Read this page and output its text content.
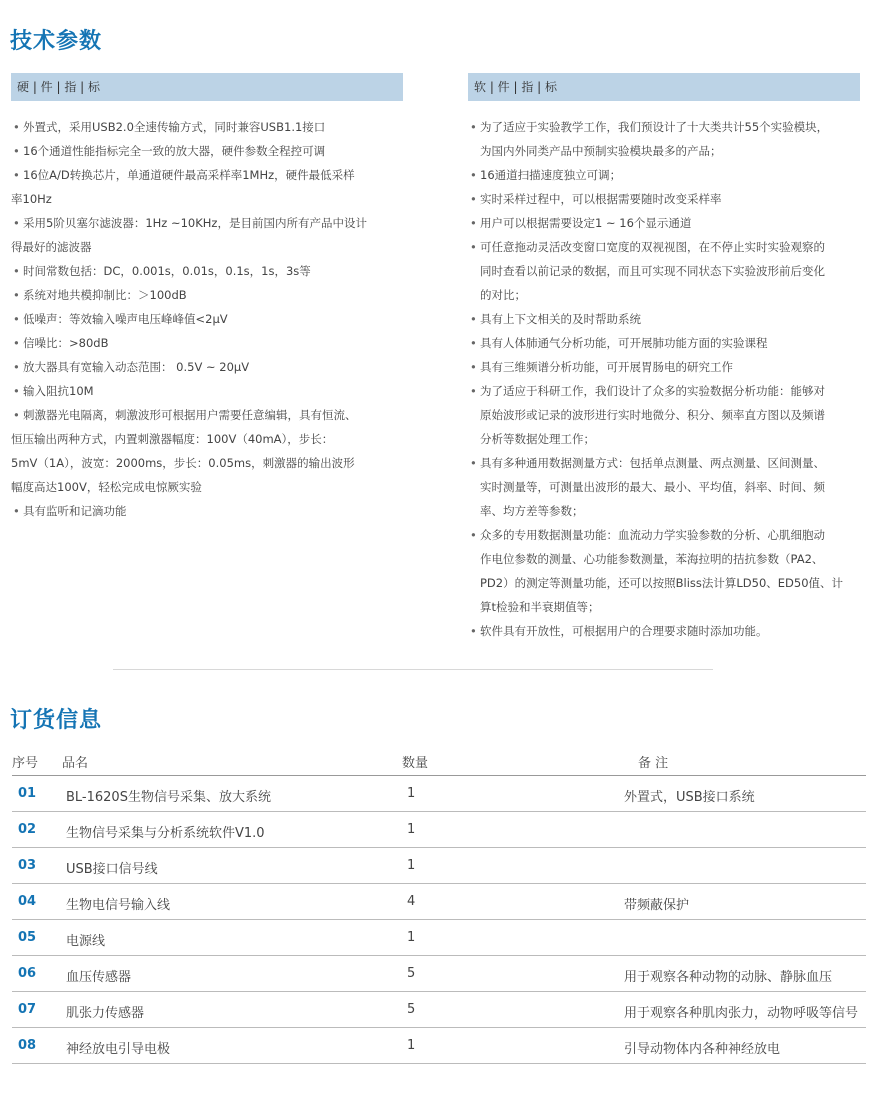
技术参数
硬 | 件 | 指 | 标
• 外置式，采用USB2.0全速传输方式，同时兼容USB1.1接口
• 16个通道性能指标完全一致的放大器，硬件参数全程控可调
• 16位A/D转换芯片，单通道硬件最高采样率1MHz，硬件最低采样
率10Hz
• 采用5阶贝塞尔滤波器：1Hz ~10KHz，是目前国内所有产品中设计
得最好的滤波器
• 时间常数包括：DC，0.001s，0.01s，0.1s，1s，3s等
• 系统对地共模抑制比：＞100dB
• 低噪声：等效输入噪声电压峰峰值<2μV
• 信噪比：>80dB
• 放大器具有宽输入动态范围： 0.5V ~ 20μV
• 输入阻抗10M
• 刺激器光电隔离，刺激波形可根据用户需要任意编辑，具有恒流、
恒压输出两种方式，内置刺激器幅度：100V（40mA），步长：
5mV（1A），波宽：2000ms，步长：0.05ms，刺激器的输出波形
幅度高达100V，轻松完成电惊厥实验
• 具有监听和记滴功能
软 | 件 | 指 | 标
• 为了适应于实验教学工作，我们预设计了十大类共计55个实验模块，
为国内外同类产品中预制实验模块最多的产品；
• 16通道扫描速度独立可调；
• 实时采样过程中，可以根据需要随时改变采样率
• 用户可以根据需要设定1 ~ 16个显示通道
• 可任意拖动灵活改变窗口宽度的双视视图，在不停止实时实验观察的
同时查看以前记录的数据，而且可实现不同状态下实验波形前后变化
的对比；
• 具有上下文相关的及时帮助系统
• 具有人体肺通气分析功能，可开展肺功能方面的实验课程
• 具有三维频谱分析功能，可开展胃肠电的研究工作
• 为了适应于科研工作，我们设计了众多的实验数据分析功能：能够对
原始波形或记录的波形进行实时地微分、积分、频率直方图以及频谱
分析等数据处理工作；
• 具有多种通用数据测量方式：包括单点测量、两点测量、区间测量、
实时测量等，可测量出波形的最大、最小、平均值，斜率、时间、频
率、均方差等参数；
• 众多的专用数据测量功能：血流动力学实验参数的分析、心肌细胞动
作电位参数的测量、心功能参数测量，苯海拉明的拮抗参数（PA2、
PD2）的测定等测量功能，还可以按照Bliss法计算LD50、ED50值、计
算t检验和半衰期值等；
• 软件具有开放性，可根据用户的合理要求随时添加功能。
订货信息
序号 品名	数量	备 注
01 BL-1620S生物信号采集、放大系统	1	外置式，USB接口系统
02 生物信号采集与分析系统软件V1.0	1
03 USB接口信号线	1
04 生物电信号输入线	4	带频蔽保护
05 电源线	1
06 血压传感器	5	用于观察各种动物的动脉、静脉血压
07 肌张力传感器	5	用于观察各种肌肉张力，动物呼吸等信号
08 神经放电引导电极	1	引导动物体内各种神经放电
